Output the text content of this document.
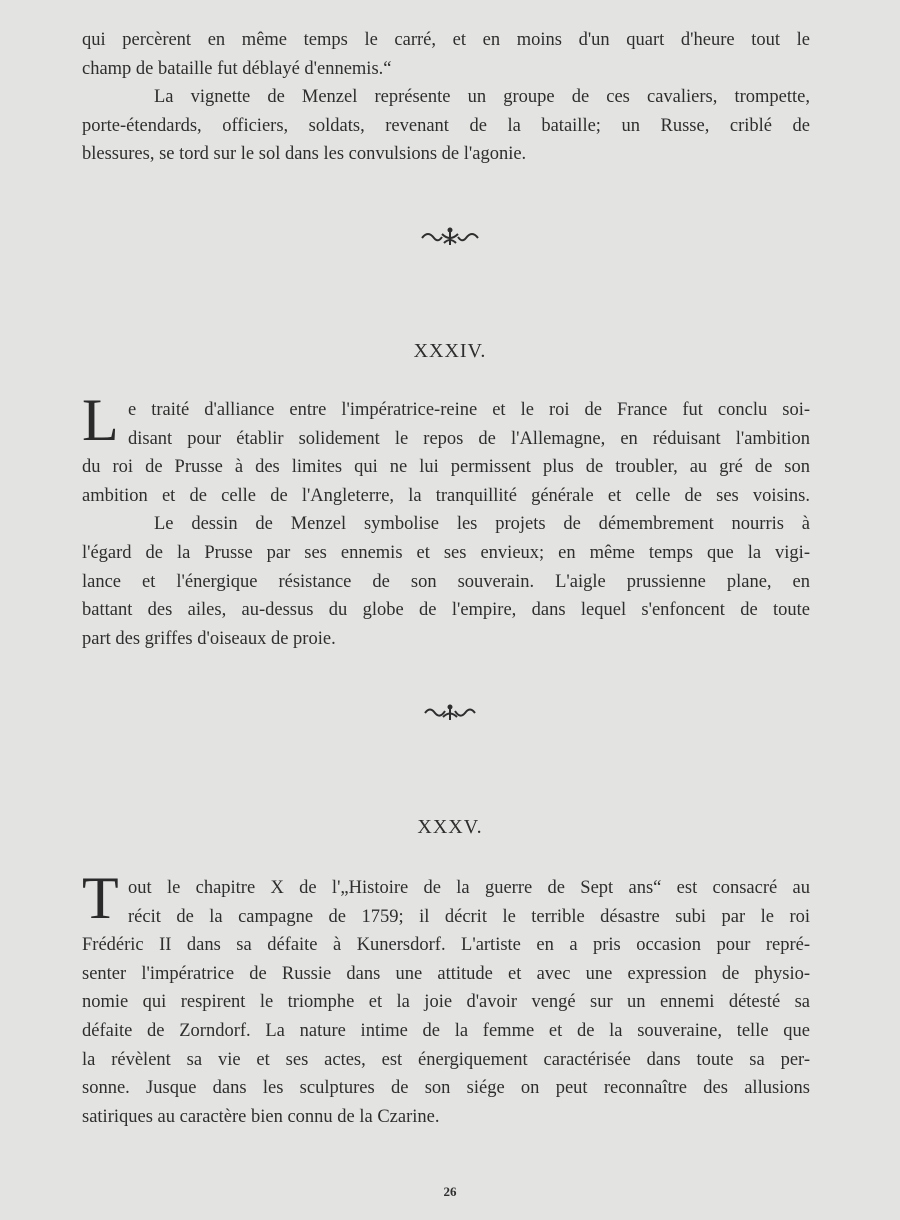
qui percèrent en même temps le carré, et en moins d'un quart d'heure tout le
champ de bataille fut déblayé d'ennemis.“
La vignette de Menzel représente un groupe de ces cavaliers, trompette,
porte-étendards, officiers, soldats, revenant de la bataille; un Russe, criblé de
blessures, se tord sur le sol dans les convulsions de l'agonie.
XXXIV.
L e traité d'alliance entre l'impératrice-reine et le roi de France fut conclu soi-
disant pour établir solidement le repos de l'Allemagne, en réduisant l'ambition
du roi de Prusse à des limites qui ne lui permissent plus de troubler, au gré de son
ambition et de celle de l'Angleterre, la tranquillité générale et celle de ses voisins.
Le dessin de Menzel symbolise les projets de démembrement nourris à
l'égard de la Prusse par ses ennemis et ses envieux; en même temps que la vigi-
lance et l'énergique résistance de son souverain. L'aigle prussienne plane, en
battant des ailes, au-dessus du globe de l'empire, dans lequel s'enfoncent de toute
part des griffes d'oiseaux de proie.
XXXV.
T out le chapitre X de l'„Histoire de la guerre de Sept ans“ est consacré au
récit de la campagne de 1759; il décrit le terrible désastre subi par le roi
Frédéric II dans sa défaite à Kunersdorf. L'artiste en a pris occasion pour repré-
senter l'impératrice de Russie dans une attitude et avec une expression de physio-
nomie qui respirent le triomphe et la joie d'avoir vengé sur un ennemi détesté sa
défaite de Zorndorf. La nature intime de la femme et de la souveraine, telle que
la révèlent sa vie et ses actes, est énergiquement caractérisée dans toute sa per-
sonne. Jusque dans les sculptures de son siége on peut reconnaître des allusions
satiriques au caractère bien connu de la Czarine.
26
